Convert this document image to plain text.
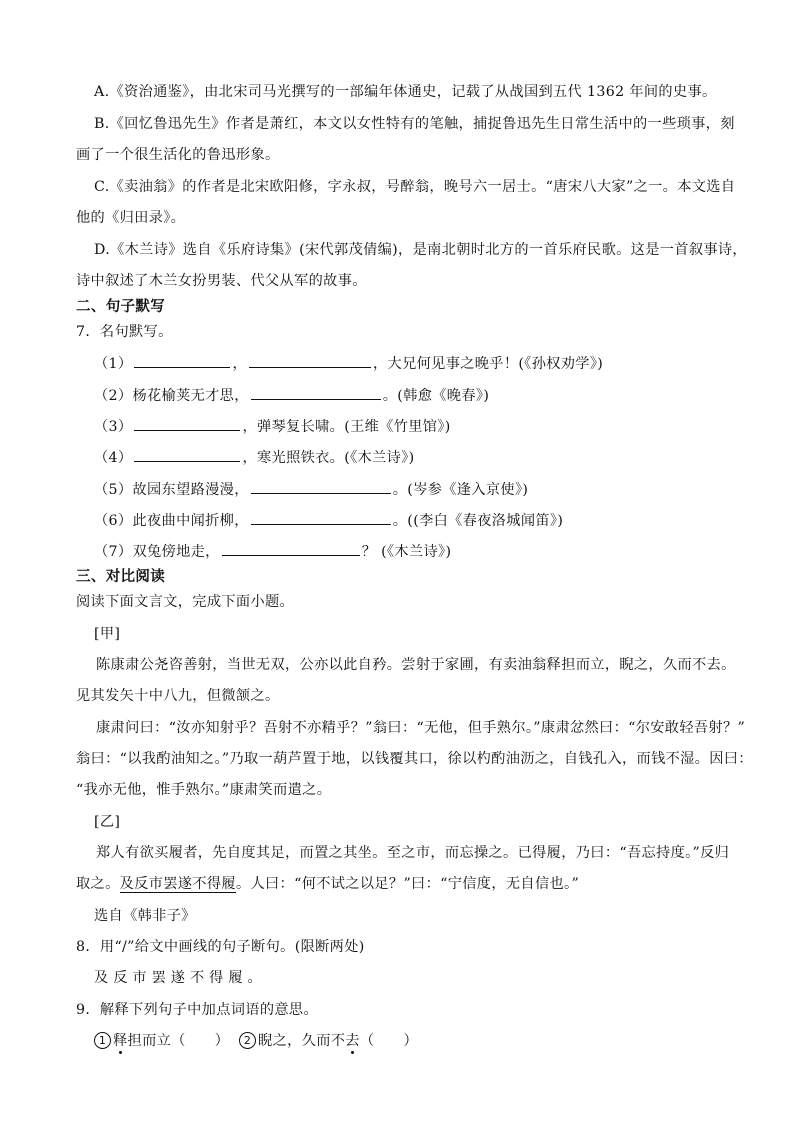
A.《资治通鉴》，由北宋司马光撰写的一部编年体通史，记载了从战国到五代 1362 年间的史事。
B.《回忆鲁迅先生》作者是萧红，本文以女性特有的笔触，捕捉鲁迅先生日常生活中的一些琐事，刻
画了一个很生活化的鲁迅形象。
C.《卖油翁》的作者是北宋欧阳修，字永叔，号醉翁，晚号六一居士。“唐宋八大家”之一。本文选自
他的《归田录》。
D.《木兰诗》选自《乐府诗集》(宋代郭茂倩编)，是南北朝时北方的一首乐府民歌。这是一首叙事诗，
诗中叙述了木兰女扮男装、代父从军的故事。
二、句子默写
7．名句默写。
（1）	，	，大兄何见事之晚乎！(《孙权劝学》)
（2）杨花榆荚无才思，	。(韩愈《晚春》)
（3）	，弹琴复长啸。(王维《竹里馆》)
（4）	，寒光照铁衣。(《木兰诗》)
（5）故园东望路漫漫，	。(岑参《逢入京使》)
（6）此夜曲中闻折柳，	。((李白《春夜洛城闻笛》)
（7）双兔傍地走，	？ (《木兰诗》)
三、对比阅读
阅读下面文言文，完成下面小题。
[甲]
陈康肃公尧咨善射，当世无双，公亦以此自矜。尝射于家圃，有卖油翁释担而立，睨之，久而不去。
见其发矢十中八九，但微颔之。
康肃问曰：“汝亦知射乎？吾射不亦精乎？”翁曰：“无他，但手熟尔。”康肃忿然曰：“尔安敢轻吾射？”
翁曰：“以我酌油知之。”乃取一葫芦置于地，以钱覆其口，徐以杓酌油沥之，自钱孔入，而钱不湿。因曰：
“我亦无他，惟手熟尔。”康肃笑而遣之。
[乙]
郑人有欲买履者，先自度其足，而置之其坐。至之市，而忘操之。已得履，乃曰：“吾忘持度。”反归
取之。及反市罢遂不得履。人曰：“何不试之以足？”曰：“宁信度，无自信也。”
选自《韩非子》
8．用“/”给文中画线的句子断句。(限断两处)
及反市罢遂不得履。
9．解释下列句子中加点词语的意思。
1 释担而立（　　） 2 睨之，久而不去（　　）
